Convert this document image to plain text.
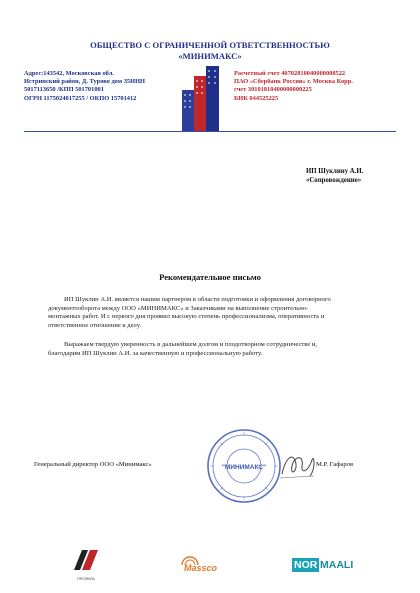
ОБЩЕСТВО С ОГРАНИЧЕННОЙ ОТВЕТСТВЕННОСТЬЮ
«МИНИМАКС»
Адрес:143542, Московская обл.
Истринский район, Д. Турово дом 35ИНН
5017113650 /КПП 501701001
ОГРН 1175024017255 / ОКПО 15701412
Расчетный счет 40702810040000008522
ПАО «Сбербанк России» г. Москва Корр.
счет 30101810400000000225
БИК 044525225
ИП Шуклину А.И.
«Сопровождение»
Рекомендательное письмо
ИП Шуклин А.И. является нашим партнером в области подготовки и оформления договорного
документооборота между ООО «МИНИМАКС» и Заказчиками на выполнение строительно-
монтажных работ. И с первого дня проявил высокую степень профессионализма, оперативность и
ответственное отношение к делу.
Выражаем твердую уверенность в дальнейшем долгом и плодотворном сотрудничестве и,
благодарим ИП Шуклин А.И. за качественную и профессиональную работу.
"МИНИМАКС"
Генеральный директор ООО «Минимакс»	М.Р. Гафаров
ПРОФИЛЬ
Massco	NOR MAALI
